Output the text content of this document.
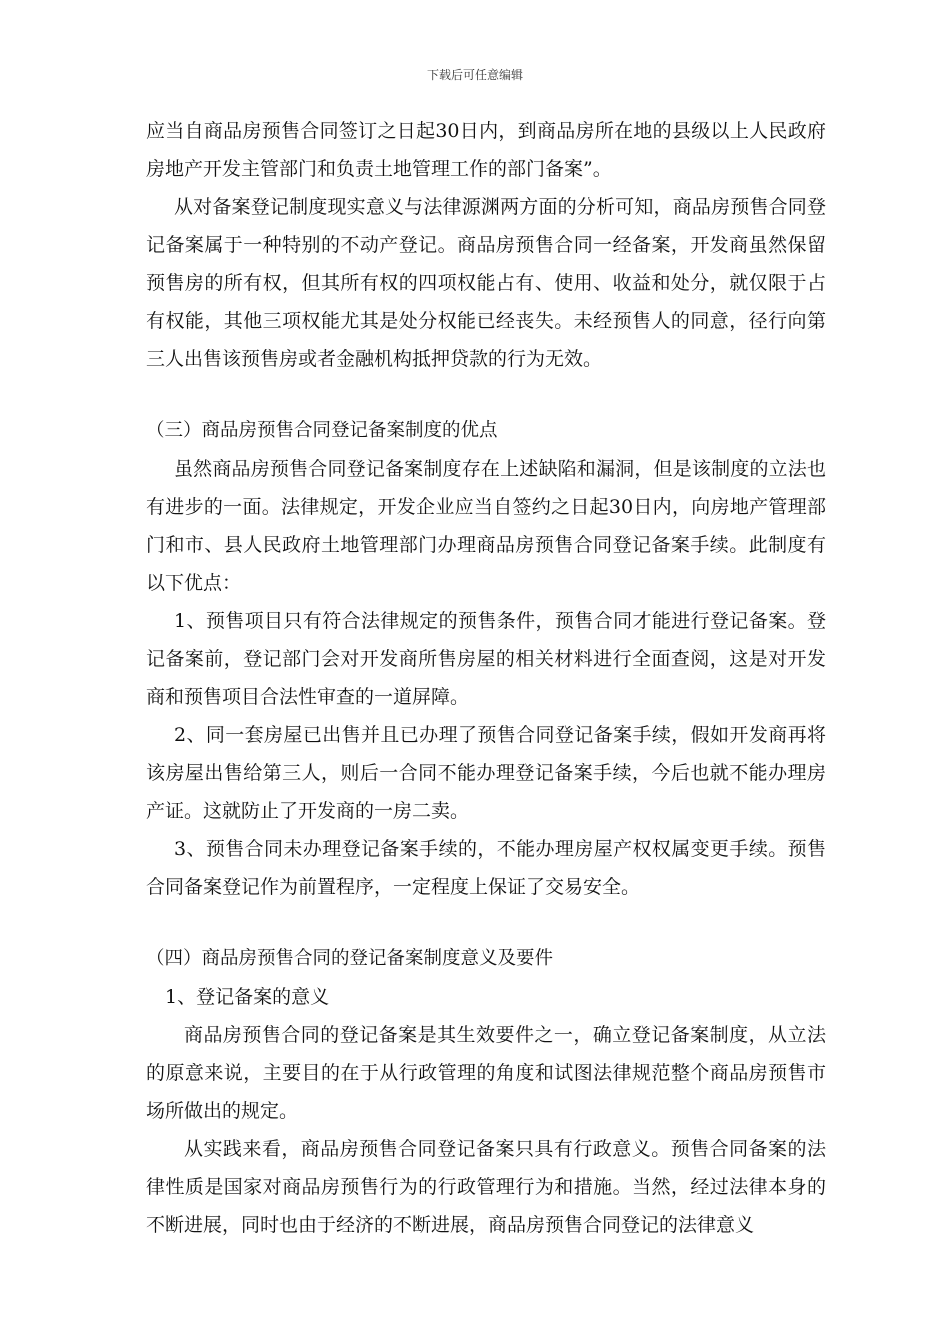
下载后可任意编辑

应当自商品房预售合同签订之日起30日内，到商品房所在地的县级以上人民政府房地产开发主管部门和负责土地管理工作的部门备案”。

从对备案登记制度现实意义与法律源渊两方面的分析可知，商品房预售合同登记备案属于一种特别的不动产登记。商品房预售合同一经备案，开发商虽然保留预售房的所有权，但其所有权的四项权能占有、使用、收益和处分，就仅限于占有权能，其他三项权能尤其是处分权能已经丧失。未经预售人的同意，径行向第三人出售该预售房或者金融机构抵押贷款的行为无效。

（三）商品房预售合同登记备案制度的优点

虽然商品房预售合同登记备案制度存在上述缺陷和漏洞，但是该制度的立法也有进步的一面。法律规定，开发企业应当自签约之日起30日内，向房地产管理部门和市、县人民政府土地管理部门办理商品房预售合同登记备案手续。此制度有以下优点：

1、预售项目只有符合法律规定的预售条件，预售合同才能进行登记备案。登记备案前，登记部门会对开发商所售房屋的相关材料进行全面查阅，这是对开发商和预售项目合法性审查的一道屏障。

2、同一套房屋已出售并且已办理了预售合同登记备案手续，假如开发商再将该房屋出售给第三人，则后一合同不能办理登记备案手续，今后也就不能办理房产证。这就防止了开发商的一房二卖。

3、预售合同未办理登记备案手续的，不能办理房屋产权权属变更手续。预售合同备案登记作为前置程序，一定程度上保证了交易安全。

（四）商品房预售合同的登记备案制度意义及要件

1、登记备案的意义

商品房预售合同的登记备案是其生效要件之一，确立登记备案制度，从立法的原意来说，主要目的在于从行政管理的角度和试图法律规范整个商品房预售市场所做出的规定。

从实践来看，商品房预售合同登记备案只具有行政意义。预售合同备案的法律性质是国家对商品房预售行为的行政管理行为和措施。当然，经过法律本身的不断进展，同时也由于经济的不断进展，商品房预售合同登记的法律意义
